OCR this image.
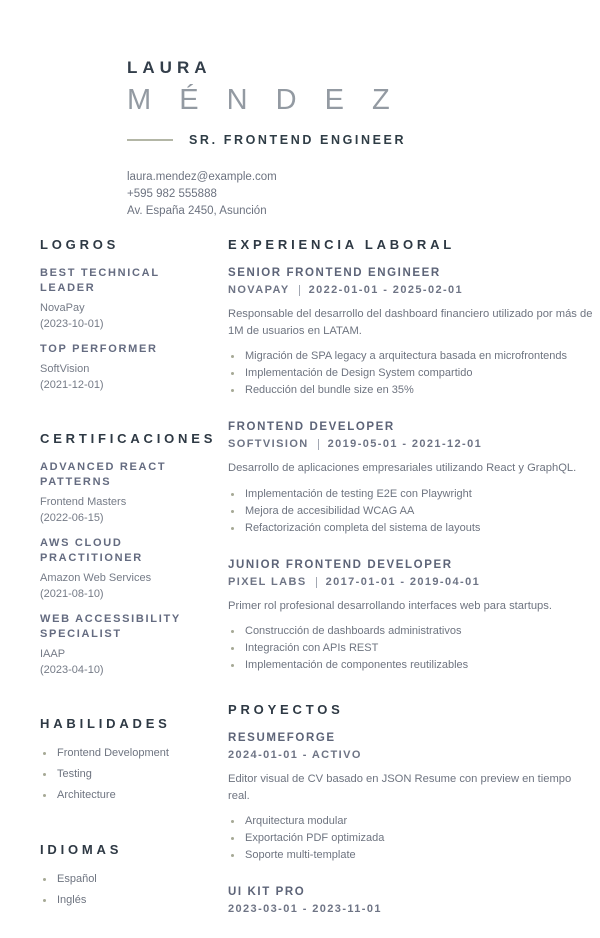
LAURA
M É N D E Z
SR. FRONTEND ENGINEER
laura.mendez@example.com
+595 982 555888
Av. España 2450, Asunción
LOGROS
BEST TECHNICAL LEADER
NovaPay
(2023-10-01)
TOP PERFORMER
SoftVision
(2021-12-01)
CERTIFICACIONES
ADVANCED REACT PATTERNS
Frontend Masters
(2022-06-15)
AWS CLOUD PRACTITIONER
Amazon Web Services
(2021-08-10)
WEB ACCESSIBILITY SPECIALIST
IAAP
(2023-04-10)
HABILIDADES
Frontend Development
Testing
Architecture
IDIOMAS
Español
Inglés
EXPERIENCIA LABORAL
SENIOR FRONTEND ENGINEER
NOVAPAY 2022-01-01 - 2025-02-01
Responsable del desarrollo del dashboard financiero utilizado por más de 1M de usuarios en LATAM.
Migración de SPA legacy a arquitectura basada en microfrontends
Implementación de Design System compartido
Reducción del bundle size en 35%
FRONTEND DEVELOPER
SOFTVISION 2019-05-01 - 2021-12-01
Desarrollo de aplicaciones empresariales utilizando React y GraphQL.
Implementación de testing E2E con Playwright
Mejora de accesibilidad WCAG AA
Refactorización completa del sistema de layouts
JUNIOR FRONTEND DEVELOPER
PIXEL LABS 2017-01-01 - 2019-04-01
Primer rol profesional desarrollando interfaces web para startups.
Construcción de dashboards administrativos
Integración con APIs REST
Implementación de componentes reutilizables
PROYECTOS
RESUMEFORGE
2024-01-01 - ACTIVO
Editor visual de CV basado en JSON Resume con preview en tiempo real.
Arquitectura modular
Exportación PDF optimizada
Soporte multi-template
UI KIT PRO
2023-03-01 - 2023-11-01
